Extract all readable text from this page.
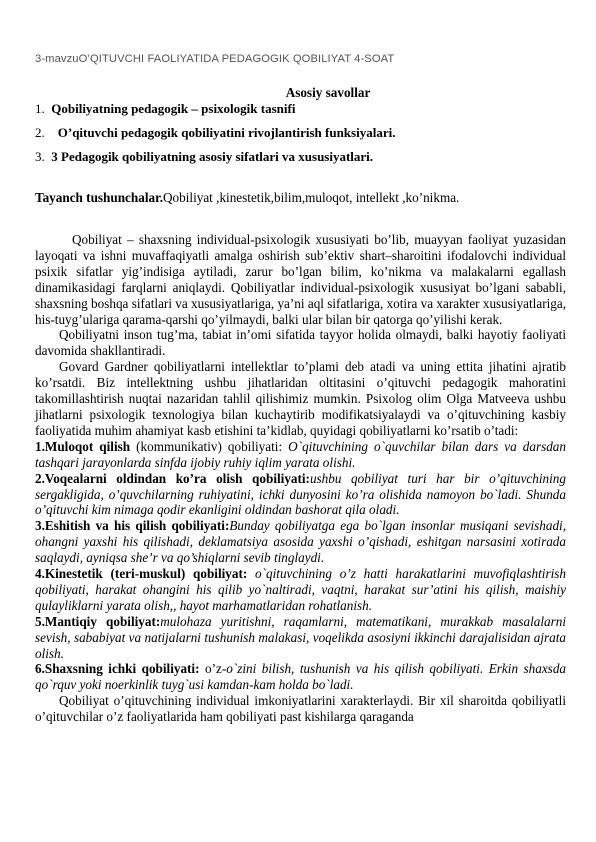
3-mavzuO’QITUVCHI FAOLIYATIDA PEDAGOGIK QOBILIYAT 4-SOAT
Asosiy savollar
1. Qobiliyatning pedagogik – psixologik tasnifi
2. O’qituvchi pedagogik qobiliyatini rivojlantirish funksiyalari.
3. 3 Pedagogik qobiliyatning asosiy sifatlari va xususiyatlari.
Tayanch tushunchalar.Qobiliyat ,kinestetik,bilim,muloqot, intellekt ,ko’nikma.

Qobiliyat – shaxsning individual-psixologik xususiyati bo’lib, muayyan faoliyat yuzasidan layoqati va ishni muvaffaqiyatli amalga oshirish sub’ektiv shart–sharoitini ifodalovchi individual psixik sifatlar yig’indisiga aytiladi, zarur bo’lgan bilim, ko’nikma va malakalarni egallash dinamikasidagi farqlarni aniqlaydi. Qobiliyatlar individual-psixologik xususiyat bo’lgani sababli, shaxsning boshqa sifatlari va xususiyatlariga, ya’ni aql sifatlariga, xotira va xarakter xususiyatlariga, his-tuyg’ulariga qarama-qarshi qo’yilmaydi, balki ular bilan bir qatorga qo’yilishi kerak.

Qobiliyatni inson tug’ma, tabiat in’omi sifatida tayyor holida olmaydi, balki hayotiy faoliyati davomida shakllantiradi.

Govard Gardner qobiliyatlarni intellektlar to’plami deb atadi va uning ettita jihatini ajratib ko’rsatdi. Biz intellektning ushbu jihatlaridan oltitasini o’qituvchi pedagogik mahoratini takomillashtirish nuqtai nazaridan tahlil qilishimiz mumkin. Psixolog olim Olga Matveeva ushbu jihatlarni psixologik texnologiya bilan kuchaytirib modifikatsiyalaydi va o’qituvchining kasbiy faoliyatida muhim ahamiyat kasb etishini ta’kidlab, quyidagi qobiliyatlarni ko’rsatib o’tadi:

1.Muloqot qilish (kommunikativ) qobiliyati: O`qituvchining o`quvchilar bilan dars va darsdan tashqari jarayonlarda sinfda ijobiy ruhiy iqlim yarata olishi.

2.Voqealarni oldindan ko’ra olish qobiliyati:ushbu qobiliyat turi har bir o’qituvchining sergakligida, o’quvchilarning ruhiyatini, ichki dunyosini ko’ra olishida namoyon bo`ladi. Shunda o’qituvchi kim nimaga qodir ekanligini oldindan bashorat qila oladi.

3.Eshitish va his qilish qobiliyati:Bunday qobiliyatga ega bo`lgan insonlar musiqani sevishadi, ohangni yaxshi his qilishadi, deklamatsiya asosida yaxshi o’qishadi, eshitgan narsasini xotirada saqlaydi, ayniqsa she’r va qo’shiqlarni sevib tinglaydi.

4.Kinestetik (teri-muskul) qobiliyat: o`qituvchining o’z hatti harakatlarini muvofiqlashtirish qobiliyati, harakat ohangini his qilib yo`naltiradi, vaqtni, harakat sur’atini his qilish, maishiy qulayliklarni yarata olish,, hayot marhamatlaridan rohatlanish.

5.Mantiqiy qobiliyat:mulohaza yuritishni, raqamlarni, matematikani, murakkab masalalarni sevish, sababiyat va natijalarni tushunish malakasi, voqelikda asosiyni ikkinchi darajalisidan ajrata olish.

6.Shaxsning ichki qobiliyati: o’z-o`zini bilish, tushunish va his qilish qobiliyati. Erkin shaxsda qo`rquv yoki noerkinlik tuyg`usi kamdan-kam holda bo`ladi.

Qobiliyat o’qituvchining individual imkoniyatlarini xarakterlaydi. Bir xil sharoitda qobiliyatli o’qituvchilar o’z faoliyatlarida ham qobiliyati past kishilarga qaraganda
